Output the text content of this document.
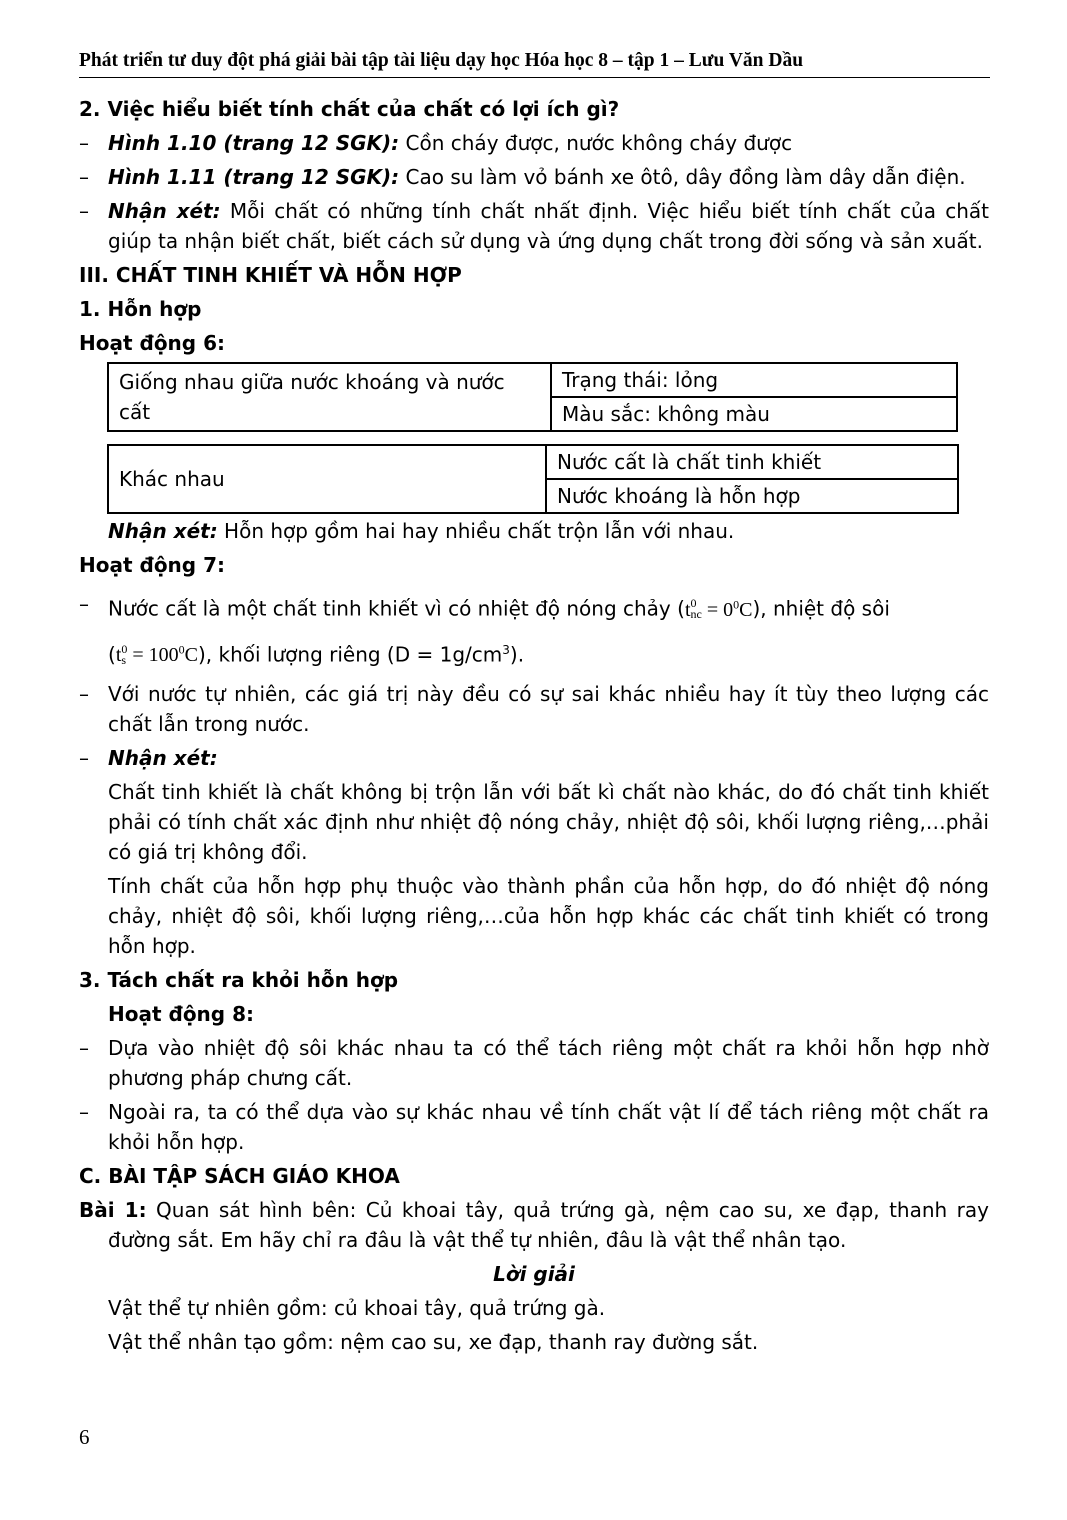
Phát triển tư duy đột phá giải bài tập tài liệu dạy học Hóa học 8 – tập 1 – Lưu Văn Dầu

2. Việc hiểu biết tính chất của chất có lợi ích gì?

– Hình 1.10 (trang 12 SGK): Cồn cháy được, nước không cháy được

– Hình 1.11 (trang 12 SGK): Cao su làm vỏ bánh xe ôtô, dây đồng làm dây dẫn điện.

– Nhận xét: Mỗi chất có những tính chất nhất định. Việc hiểu biết tính chất của chất giúp ta nhận biết chất, biết cách sử dụng và ứng dụng chất trong đời sống và sản xuất.

III. CHẤT TINH KHIẾT VÀ HỖN HỢP

1. Hỗn hợp

Hoạt động 6:

Giống nhau giữa nước khoáng và nước cất	Trạng thái: lỏng
Màu sắc: không màu
Khác nhau	Nước cất là chất tinh khiết
Nước khoáng là hỗn hợp

Nhận xét: Hỗn hợp gồm hai hay nhiều chất trộn lẫn với nhau.

Hoạt động 7:

– Nước cất là một chất tinh khiết vì có nhiệt độ nóng chảy (t0
nc = $0^0C$), nhiệt độ sôi
(t0
$s = 100^0C$), khối lượng riêng $(D = 1g/cm^3)$.

– Với nước tự nhiên, các giá trị này đều có sự sai khác nhiều hay ít tùy theo lượng các chất lẫn trong nước.

– Nhận xét:

Chất tinh khiết là chất không bị trộn lẫn với bất kì chất nào khác, do đó chất tinh khiết phải có tính chất xác định như nhiệt độ nóng chảy, nhiệt độ sôi, khối lượng riêng,…phải có giá trị không đổi.

Tính chất của hỗn hợp phụ thuộc vào thành phần của hỗn hợp, do đó nhiệt độ nóng chảy, nhiệt độ sôi, khối lượng riêng,…của hỗn hợp khác các chất tinh khiết có trong hỗn hợp.

3. Tách chất ra khỏi hỗn hợp

Hoạt động 8:

– Dựa vào nhiệt độ sôi khác nhau ta có thể tách riêng một chất ra khỏi hỗn hợp nhờ phương pháp chưng cất.

– Ngoài ra, ta có thể dựa vào sự khác nhau về tính chất vật lí để tách riêng một chất ra khỏi hỗn hợp.

C. BÀI TẬP SÁCH GIÁO KHOA

Bài 1: Quan sát hình bên: Củ khoai tây, quả trứng gà, nệm cao su, xe đạp, thanh ray đường sắt. Em hãy chỉ ra đâu là vật thể tự nhiên, đâu là vật thể nhân tạo.

Lời giải

Vật thể tự nhiên gồm: củ khoai tây, quả trứng gà.

Vật thể nhân tạo gồm: nệm cao su, xe đạp, thanh ray đường sắt.

6
